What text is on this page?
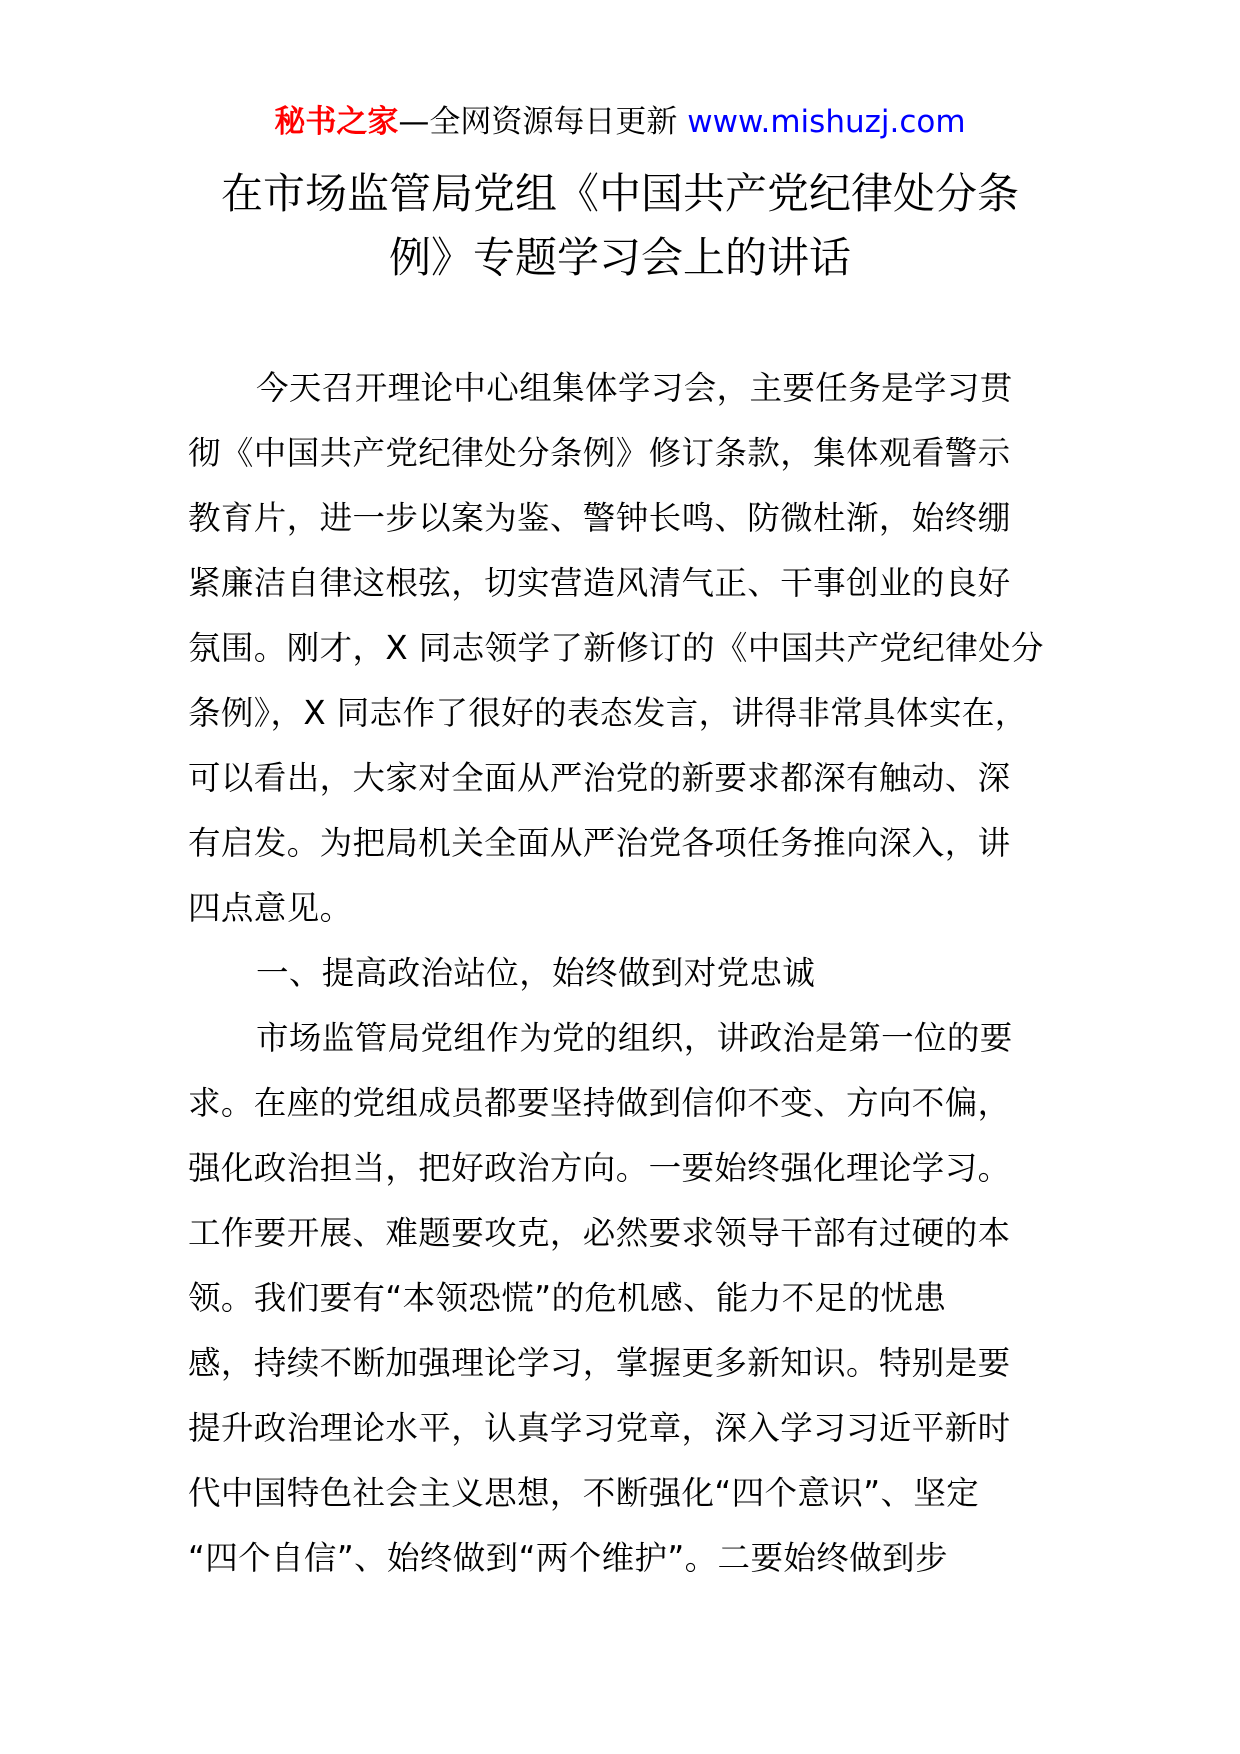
秘书之家—全网资源每日更新 www.mishuzj.com
在市场监管局党组《中国共产党纪律处分条
例》专题学习会上的讲话

今天召开理论中心组集体学习会，主要任务是学习贯
彻《中国共产党纪律处分条例》修订条款，集体观看警示
教育片，进一步以案为鉴、警钟长鸣、防微杜渐，始终绷
紧廉洁自律这根弦，切实营造风清气正、干事创业的良好
氛围。刚才，X 同志领学了新修订的《中国共产党纪律处分
条例》，X 同志作了很好的表态发言，讲得非常具体实在，
可以看出，大家对全面从严治党的新要求都深有触动、深
有启发。为把局机关全面从严治党各项任务推向深入，讲
四点意见。

一、提高政治站位，始终做到对党忠诚

市场监管局党组作为党的组织，讲政治是第一位的要
求。在座的党组成员都要坚持做到信仰不变、方向不偏，
强化政治担当，把好政治方向。一要始终强化理论学习。
工作要开展、难题要攻克，必然要求领导干部有过硬的本
领。我们要有“本领恐慌”的危机感、能力不足的忧患
感，持续不断加强理论学习，掌握更多新知识。特别是要
提升政治理论水平，认真学习党章，深入学习习近平新时
代中国特色社会主义思想，不断强化“四个意识”、坚定
“四个自信”、始终做到“两个维护”。二要始终做到步
